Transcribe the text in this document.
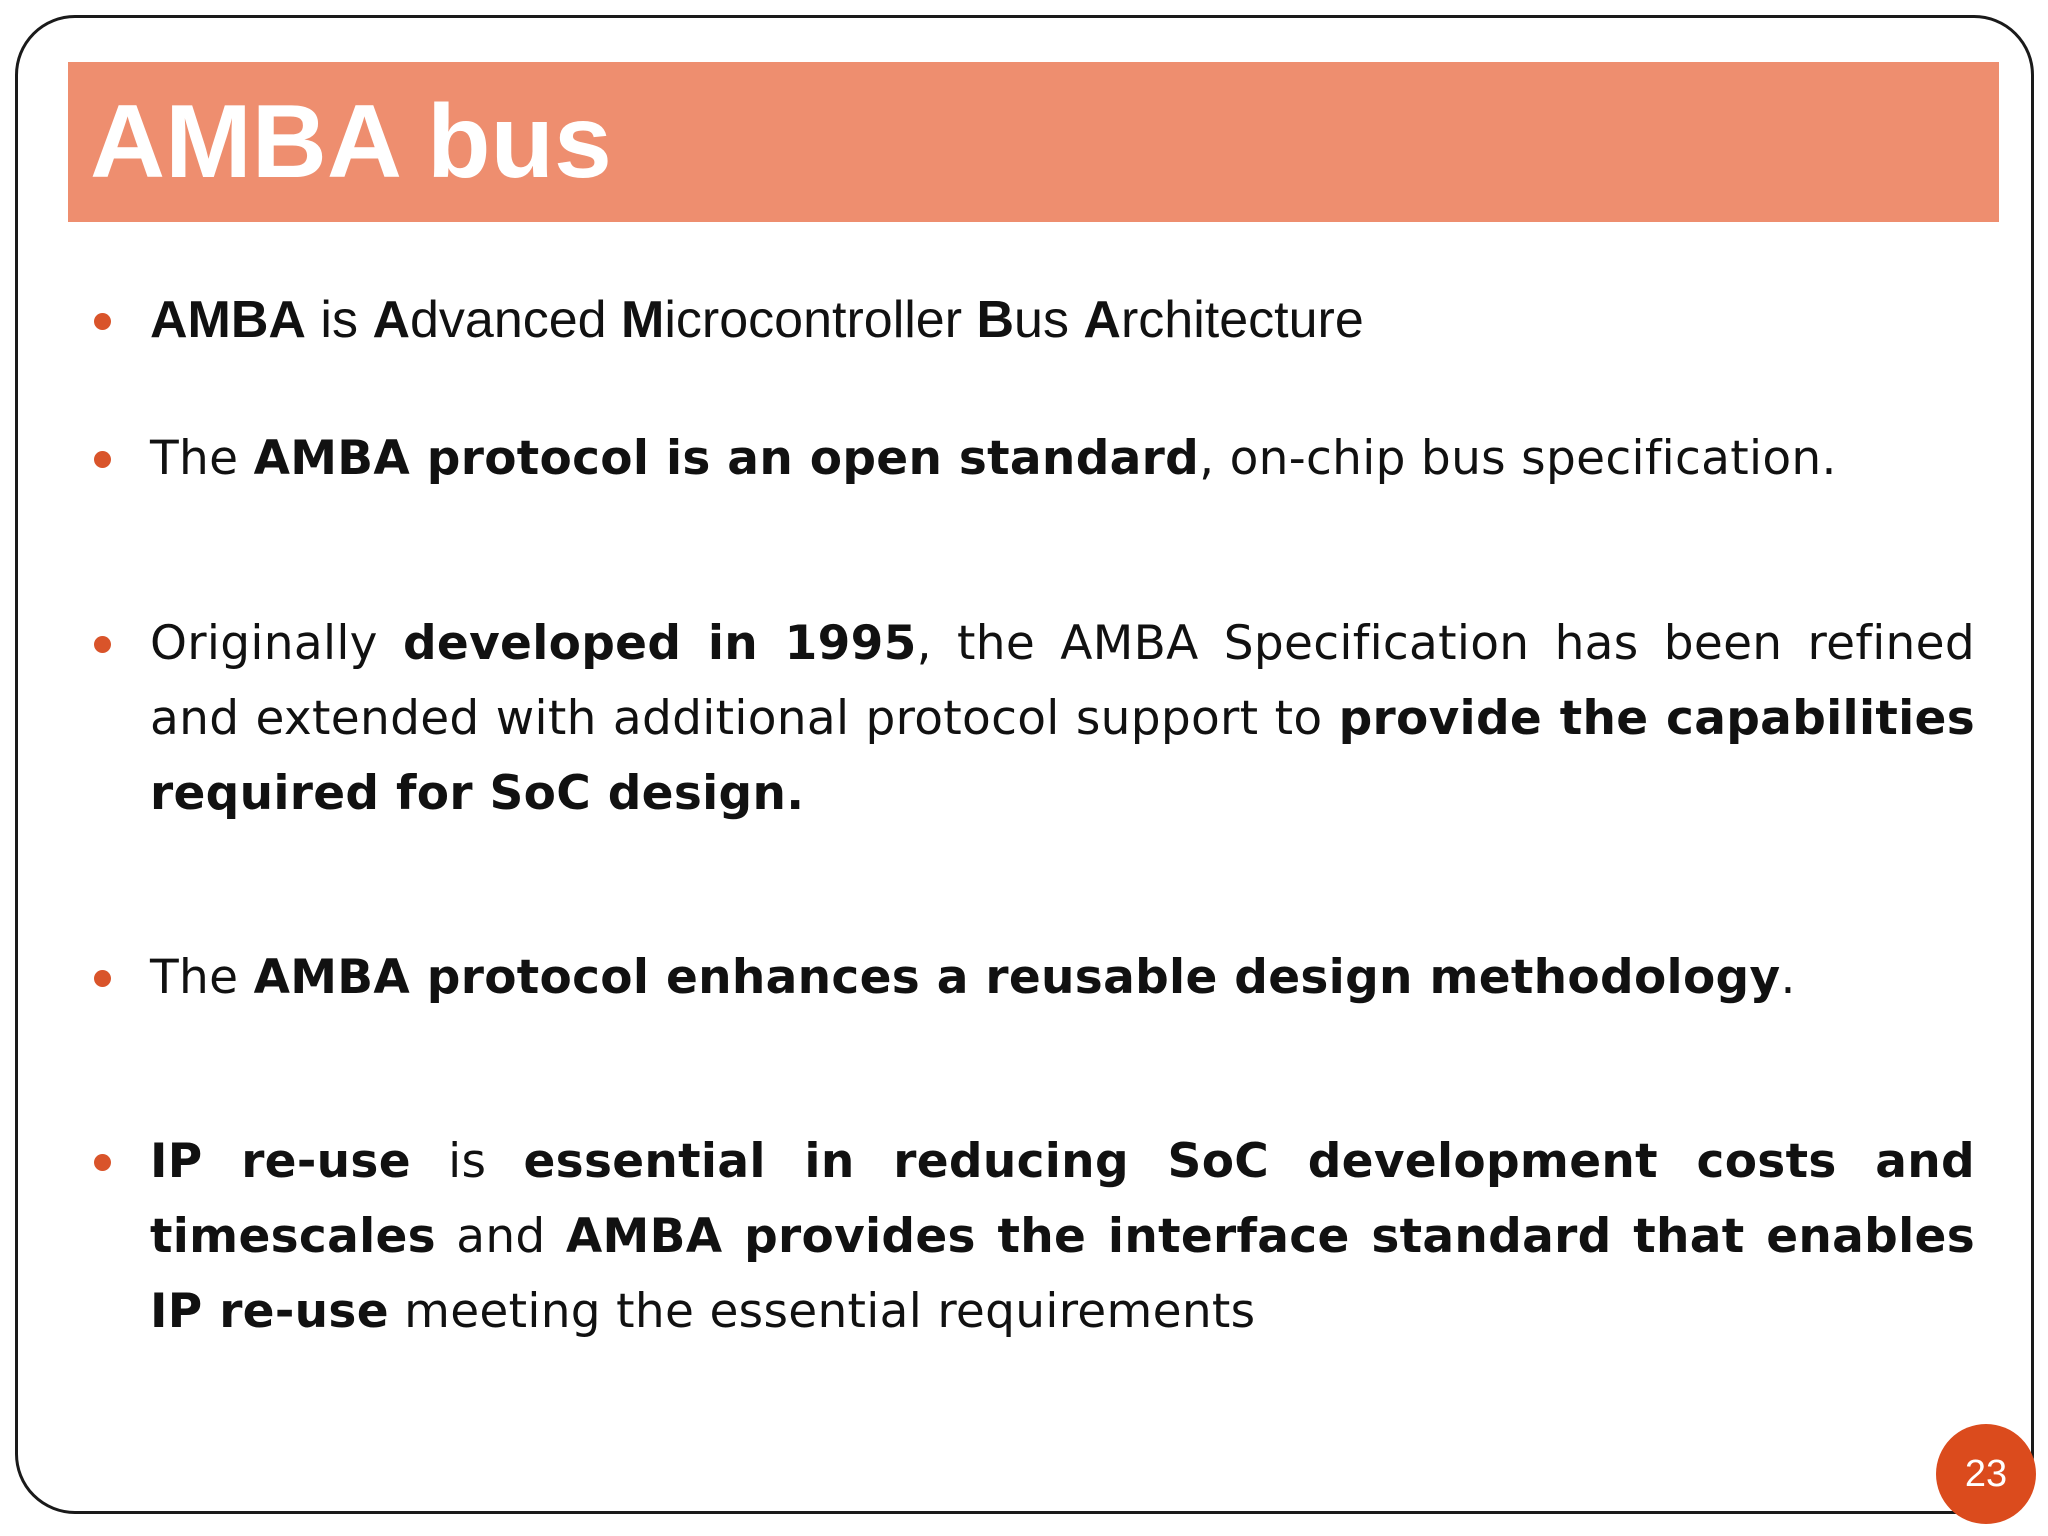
AMBA bus
AMBA is Advanced Microcontroller Bus Architecture
The AMBA protocol is an open standard, on-chip bus specification.
Originally developed in 1995, the AMBA Specification has been refined and extended with additional protocol support to provide the capabilities required for SoC design.
The AMBA protocol enhances a reusable design methodology.
IP re-use is essential in reducing SoC development costs and timescales and AMBA provides the interface standard that enables IP re-use meeting the essential requirements
23
